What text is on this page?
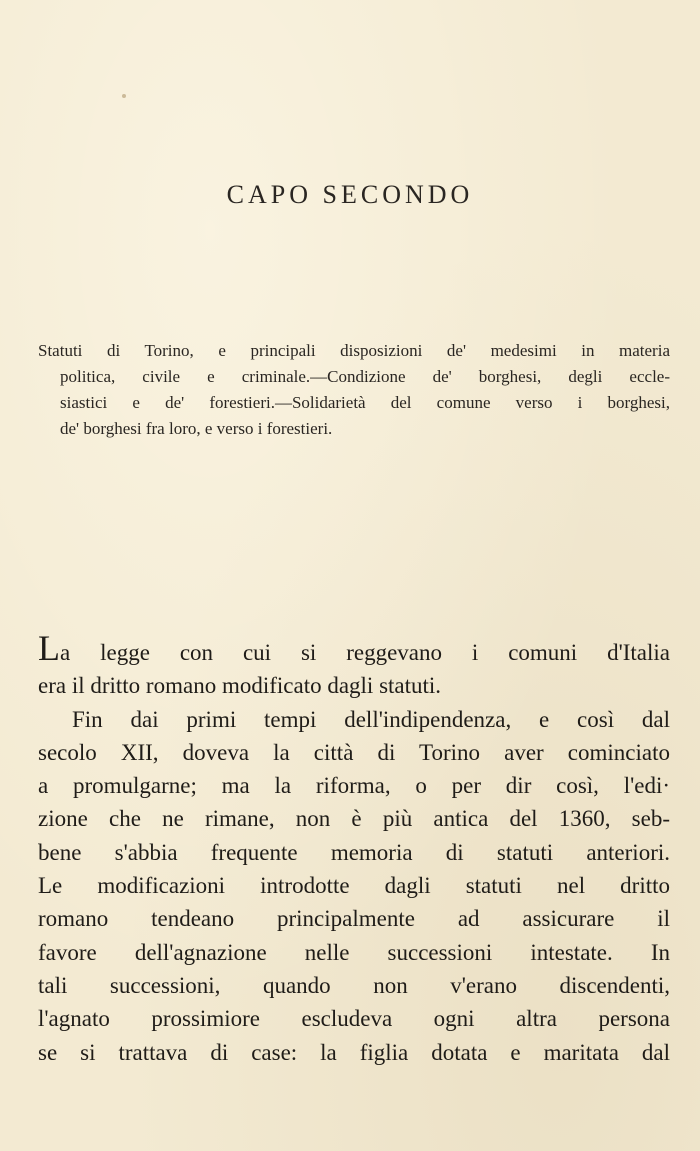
CAPO SECONDO
Statuti di Torino, e principali disposizioni de' medesimi in materia
politica, civile e criminale.—Condizione de' borghesi, degli eccle-
siastici e de' forestieri.—Solidarietà del comune verso i borghesi,
de' borghesi fra loro, e verso i forestieri.
La legge con cui si reggevano i comuni d'Italia
era il dritto romano modificato dagli statuti.
Fin dai primi tempi dell'indipendenza, e così dal
secolo XII, doveva la città di Torino aver cominciato
a promulgarne; ma la riforma, o per dir così, l'edi·
zione che ne rimane, non è più antica del 1360, seb-
bene s'abbia frequente memoria di statuti anteriori.
Le modificazioni introdotte dagli statuti nel dritto
romano tendeano principalmente ad assicurare il
favore dell'agnazione nelle successioni intestate. In
tali successioni, quando non v'erano discendenti,
l'agnato prossimiore escludeva ogni altra persona
se si trattava di case: la figlia dotata e maritata dal
